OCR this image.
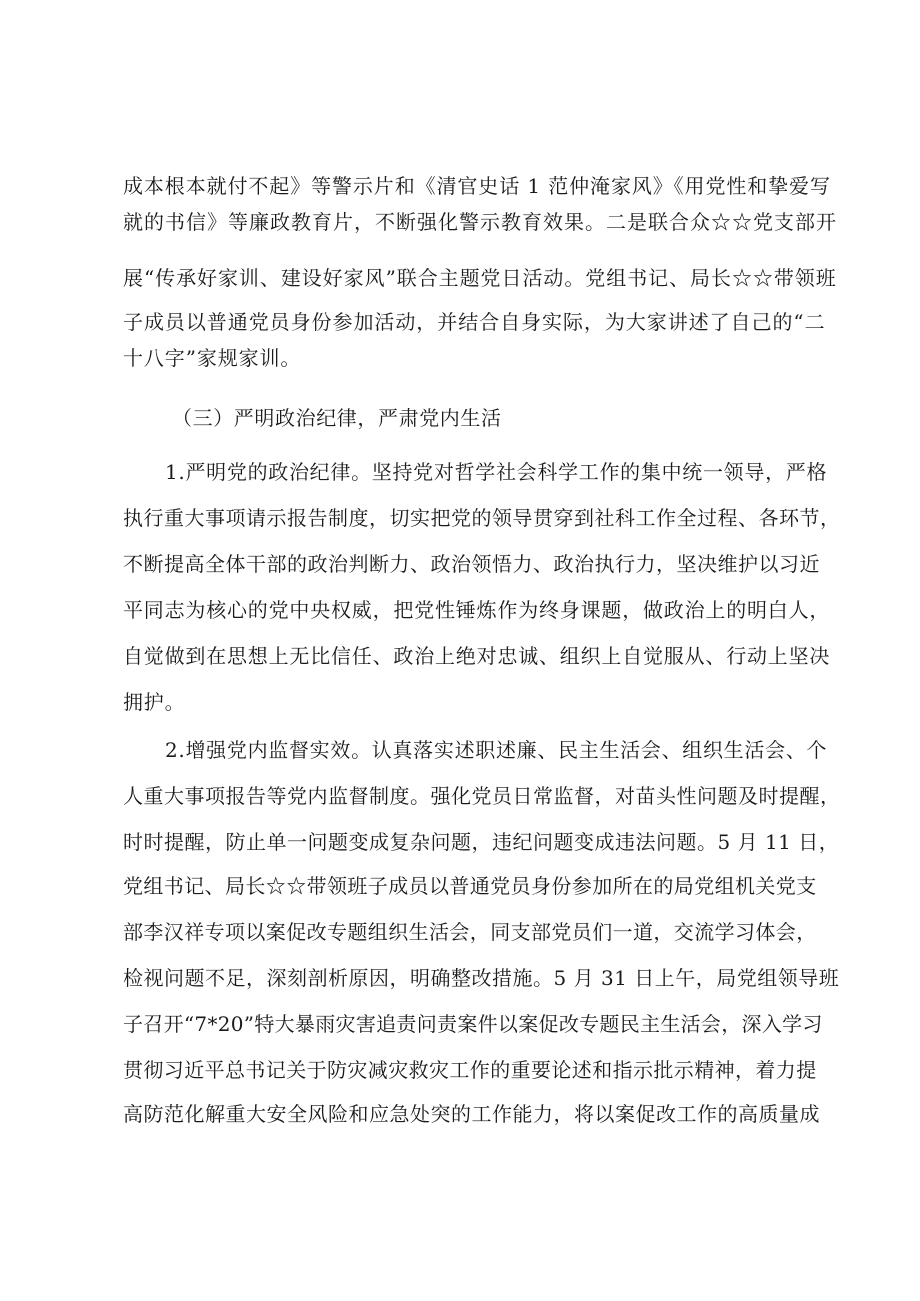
成本根本就付不起》等警示片和《清官史话 1 范仲淹家风》《用党性和挚爱写

就的书信》等廉政教育片，不断强化警示教育效果。二是联合众☆☆党支部开

展“传承好家训、建设好家风”联合主题党日活动。党组书记、局长☆☆带领班

子成员以普通党员身份参加活动，并结合自身实际，为大家讲述了自己的“二

十八字”家规家训。

（三）严明政治纪律，严肃党内生活

1.严明党的政治纪律。坚持党对哲学社会科学工作的集中统一领导，严格

执行重大事项请示报告制度，切实把党的领导贯穿到社科工作全过程、各环节，

不断提高全体干部的政治判断力、政治领悟力、政治执行力，坚决维护以习近

平同志为核心的党中央权威，把党性锤炼作为终身课题，做政治上的明白人，

自觉做到在思想上无比信任、政治上绝对忠诚、组织上自觉服从、行动上坚决

拥护。

2.增强党内监督实效。认真落实述职述廉、民主生活会、组织生活会、个

人重大事项报告等党内监督制度。强化党员日常监督，对苗头性问题及时提醒，

时时提醒，防止单一问题变成复杂问题，违纪问题变成违法问题。5 月 11 日，

党组书记、局长☆☆带领班子成员以普通党员身份参加所在的局党组机关党支

部李汉祥专项以案促改专题组织生活会，同支部党员们一道，交流学习体会，

检视问题不足，深刻剖析原因，明确整改措施。5 月 31 日上午，局党组领导班

子召开“7*20”特大暴雨灾害追责问责案件以案促改专题民主生活会，深入学习

贯彻习近平总书记关于防灾减灾救灾工作的重要论述和指示批示精神，着力提

高防范化解重大安全风险和应急处突的工作能力，将以案促改工作的高质量成
